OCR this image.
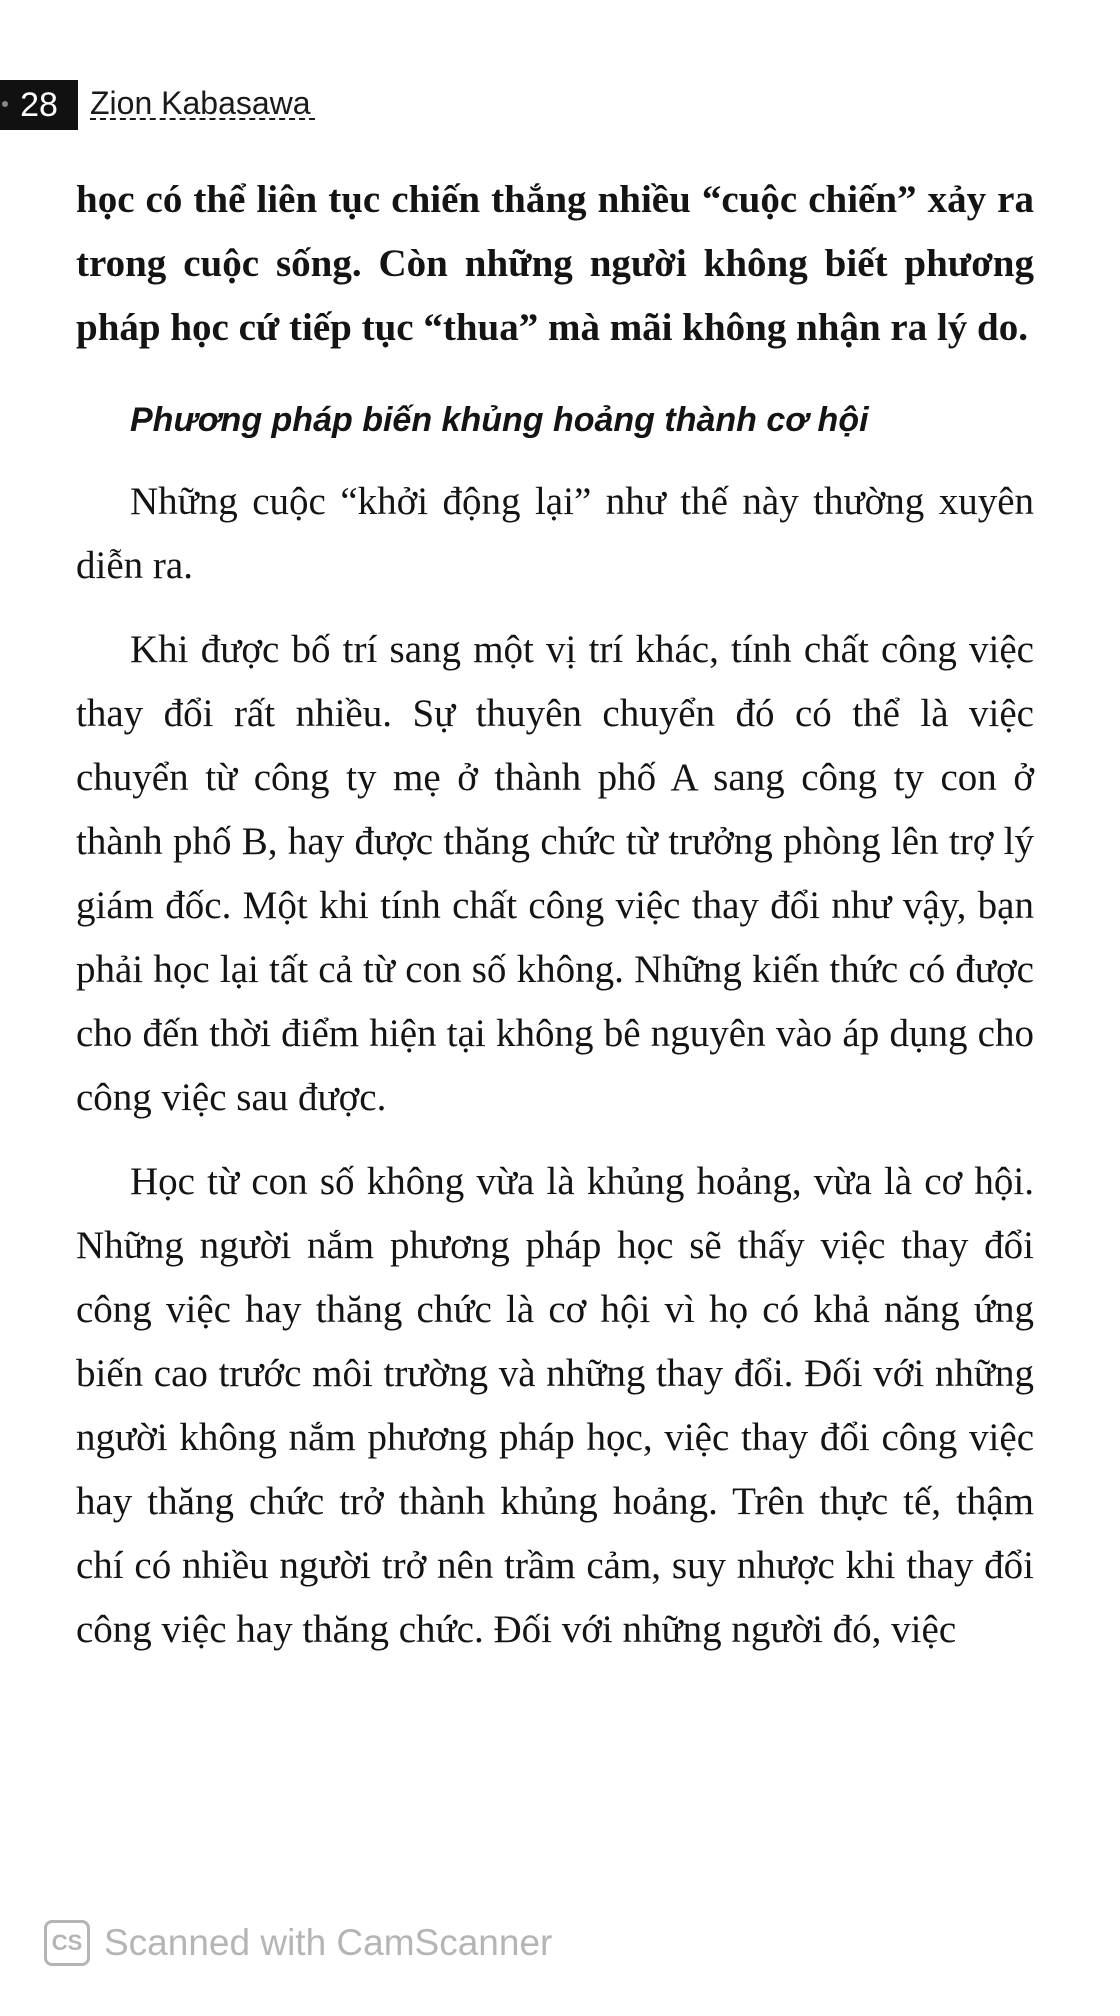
28 Zion Kabasawa

học có thể liên tục chiến thắng nhiều “cuộc chiến” xảy ra trong cuộc sống. Còn những người không biết phương pháp học cứ tiếp tục “thua” mà mãi không nhận ra lý do.

Phương pháp biến khủng hoảng thành cơ hội

Những cuộc “khởi động lại” như thế này thường xuyên diễn ra.

Khi được bố trí sang một vị trí khác, tính chất công việc thay đổi rất nhiều. Sự thuyên chuyển đó có thể là việc chuyển từ công ty mẹ ở thành phố A sang công ty con ở thành phố B, hay được thăng chức từ trưởng phòng lên trợ lý giám đốc. Một khi tính chất công việc thay đổi như vậy, bạn phải học lại tất cả từ con số không. Những kiến thức có được cho đến thời điểm hiện tại không bê nguyên vào áp dụng cho công việc sau được.

Học từ con số không vừa là khủng hoảng, vừa là cơ hội. Những người nắm phương pháp học sẽ thấy việc thay đổi công việc hay thăng chức là cơ hội vì họ có khả năng ứng biến cao trước môi trường và những thay đổi. Đối với những người không nắm phương pháp học, việc thay đổi công việc hay thăng chức trở thành khủng hoảng. Trên thực tế, thậm chí có nhiều người trở nên trầm cảm, suy nhược khi thay đổi công việc hay thăng chức. Đối với những người đó, việc

CS Scanned with CamScanner
